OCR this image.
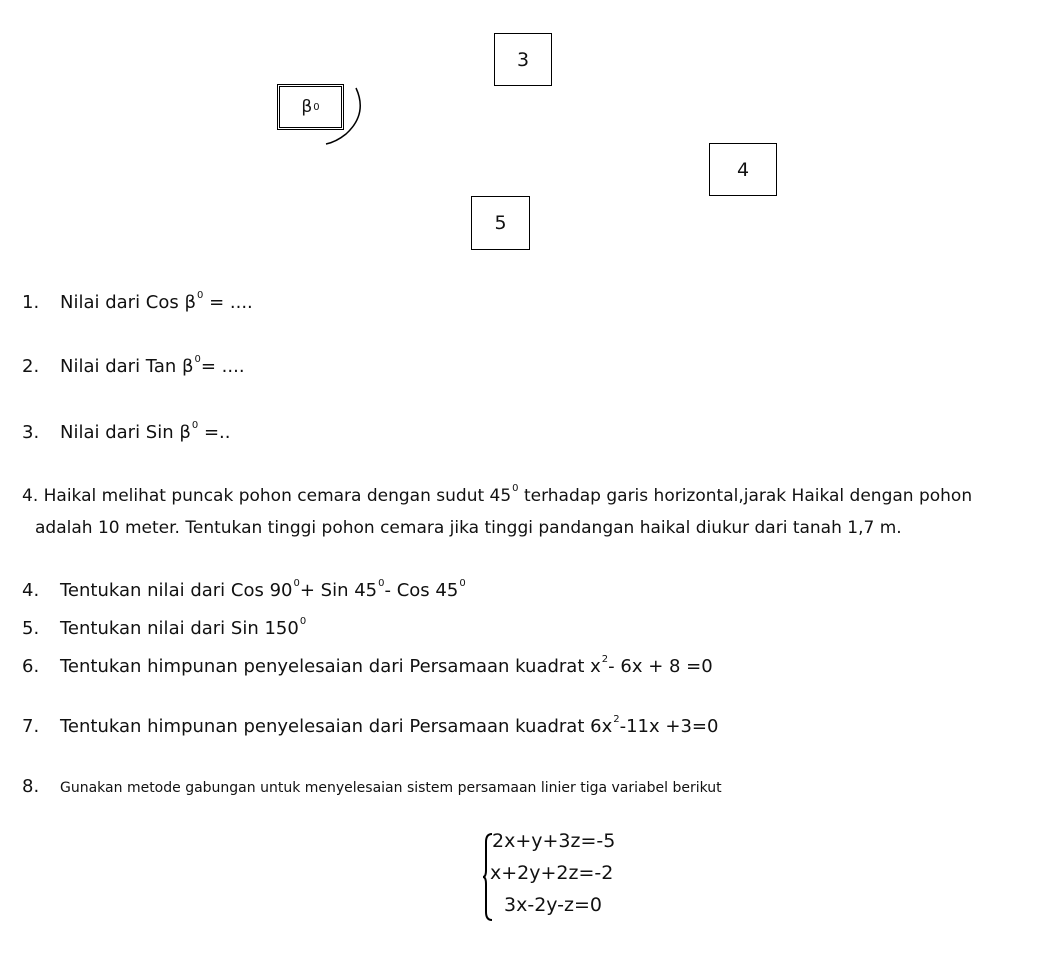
3
4
5
β 0
1. Nilai dari Cos $\beta^0$ = ....
2. Nilai dari Tan $\beta^0=$ ....
3. Nilai dari Sin $\beta^0$ =..
4. Haikal melihat puncak pohon cemara dengan sudut $45^0$ terhadap garis horizontal,jarak Haikal dengan pohon
adalah 10 meter. Tentukan tinggi pohon cemara jika tinggi pandangan haikal diukur dari tanah 1,7 m.
4. Tentukan nilai dari Cos $90^0+$ Sin $45^0-$ Cos $45^0$
5. Tentukan nilai dari Sin $150^0$
6. Tentukan himpunan penyelesaian dari Persamaan kuadrat $x^2-$ 6x + 8 =0
7. Tentukan himpunan penyelesaian dari Persamaan kuadrat $6x^2-11x +3=0$
8. Gunakan metode gabungan untuk menyelesaian sistem persamaan linier tiga variabel berikut
2x+y+3z=-5
x+2y+2z=-2
3x-2y-z=0
